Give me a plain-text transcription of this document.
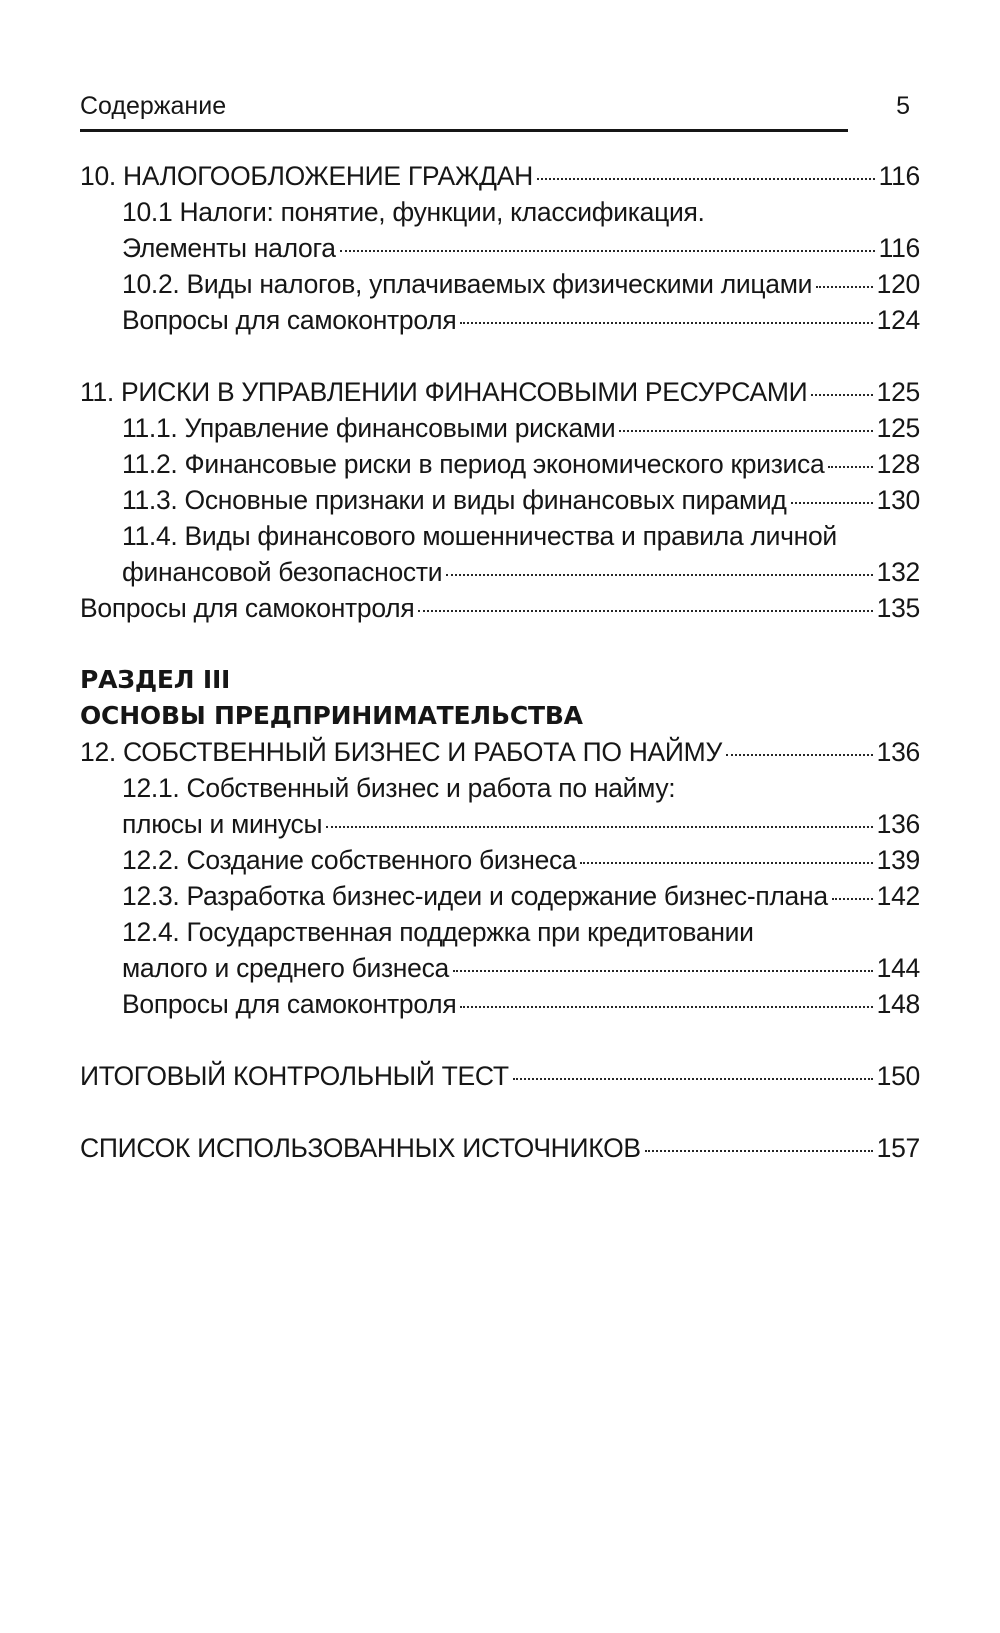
Содержание	5
10. НАЛОГООБЛОЖЕНИЕ ГРАЖДАН	116
10.1 Налоги: понятие, функции, классификация.
Элементы налога	116
10.2. Виды налогов, уплачиваемых физическими лицами 120
Вопросы для самоконтроля	124
11. РИСКИ В УПРАВЛЕНИИ ФИНАНСОВЫМИ РЕСУРСАМИ	125
11.1. Управление финансовыми рисками	125
11.2. Финансовые риски в период экономического кризиса 128
11.3. Основные признаки и виды финансовых пирамид	130
11.4. Виды финансового мошенничества и правила личной
финансовой безопасности	132
Вопросы для самоконтроля	135
РАЗДЕЛ III
ОСНОВЫ ПРЕДПРИНИМАТЕЛЬСТВА
12. СОБСТВЕННЫЙ БИЗНЕС И РАБОТА ПО НАЙМУ	136
12.1. Собственный бизнес и работа по найму:
плюсы и минусы	136
12.2. Создание собственного бизнеса	139
12.3. Разработка бизнес-идеи и содержание бизнес-плана 142
12.4. Государственная поддержка при кредитовании
малого и среднего бизнеса	144
Вопросы для самоконтроля	148
ИТОГОВЫЙ КОНТРОЛЬНЫЙ ТЕСТ	150
СПИСОК ИСПОЛЬЗОВАННЫХ ИСТОЧНИКОВ	157
